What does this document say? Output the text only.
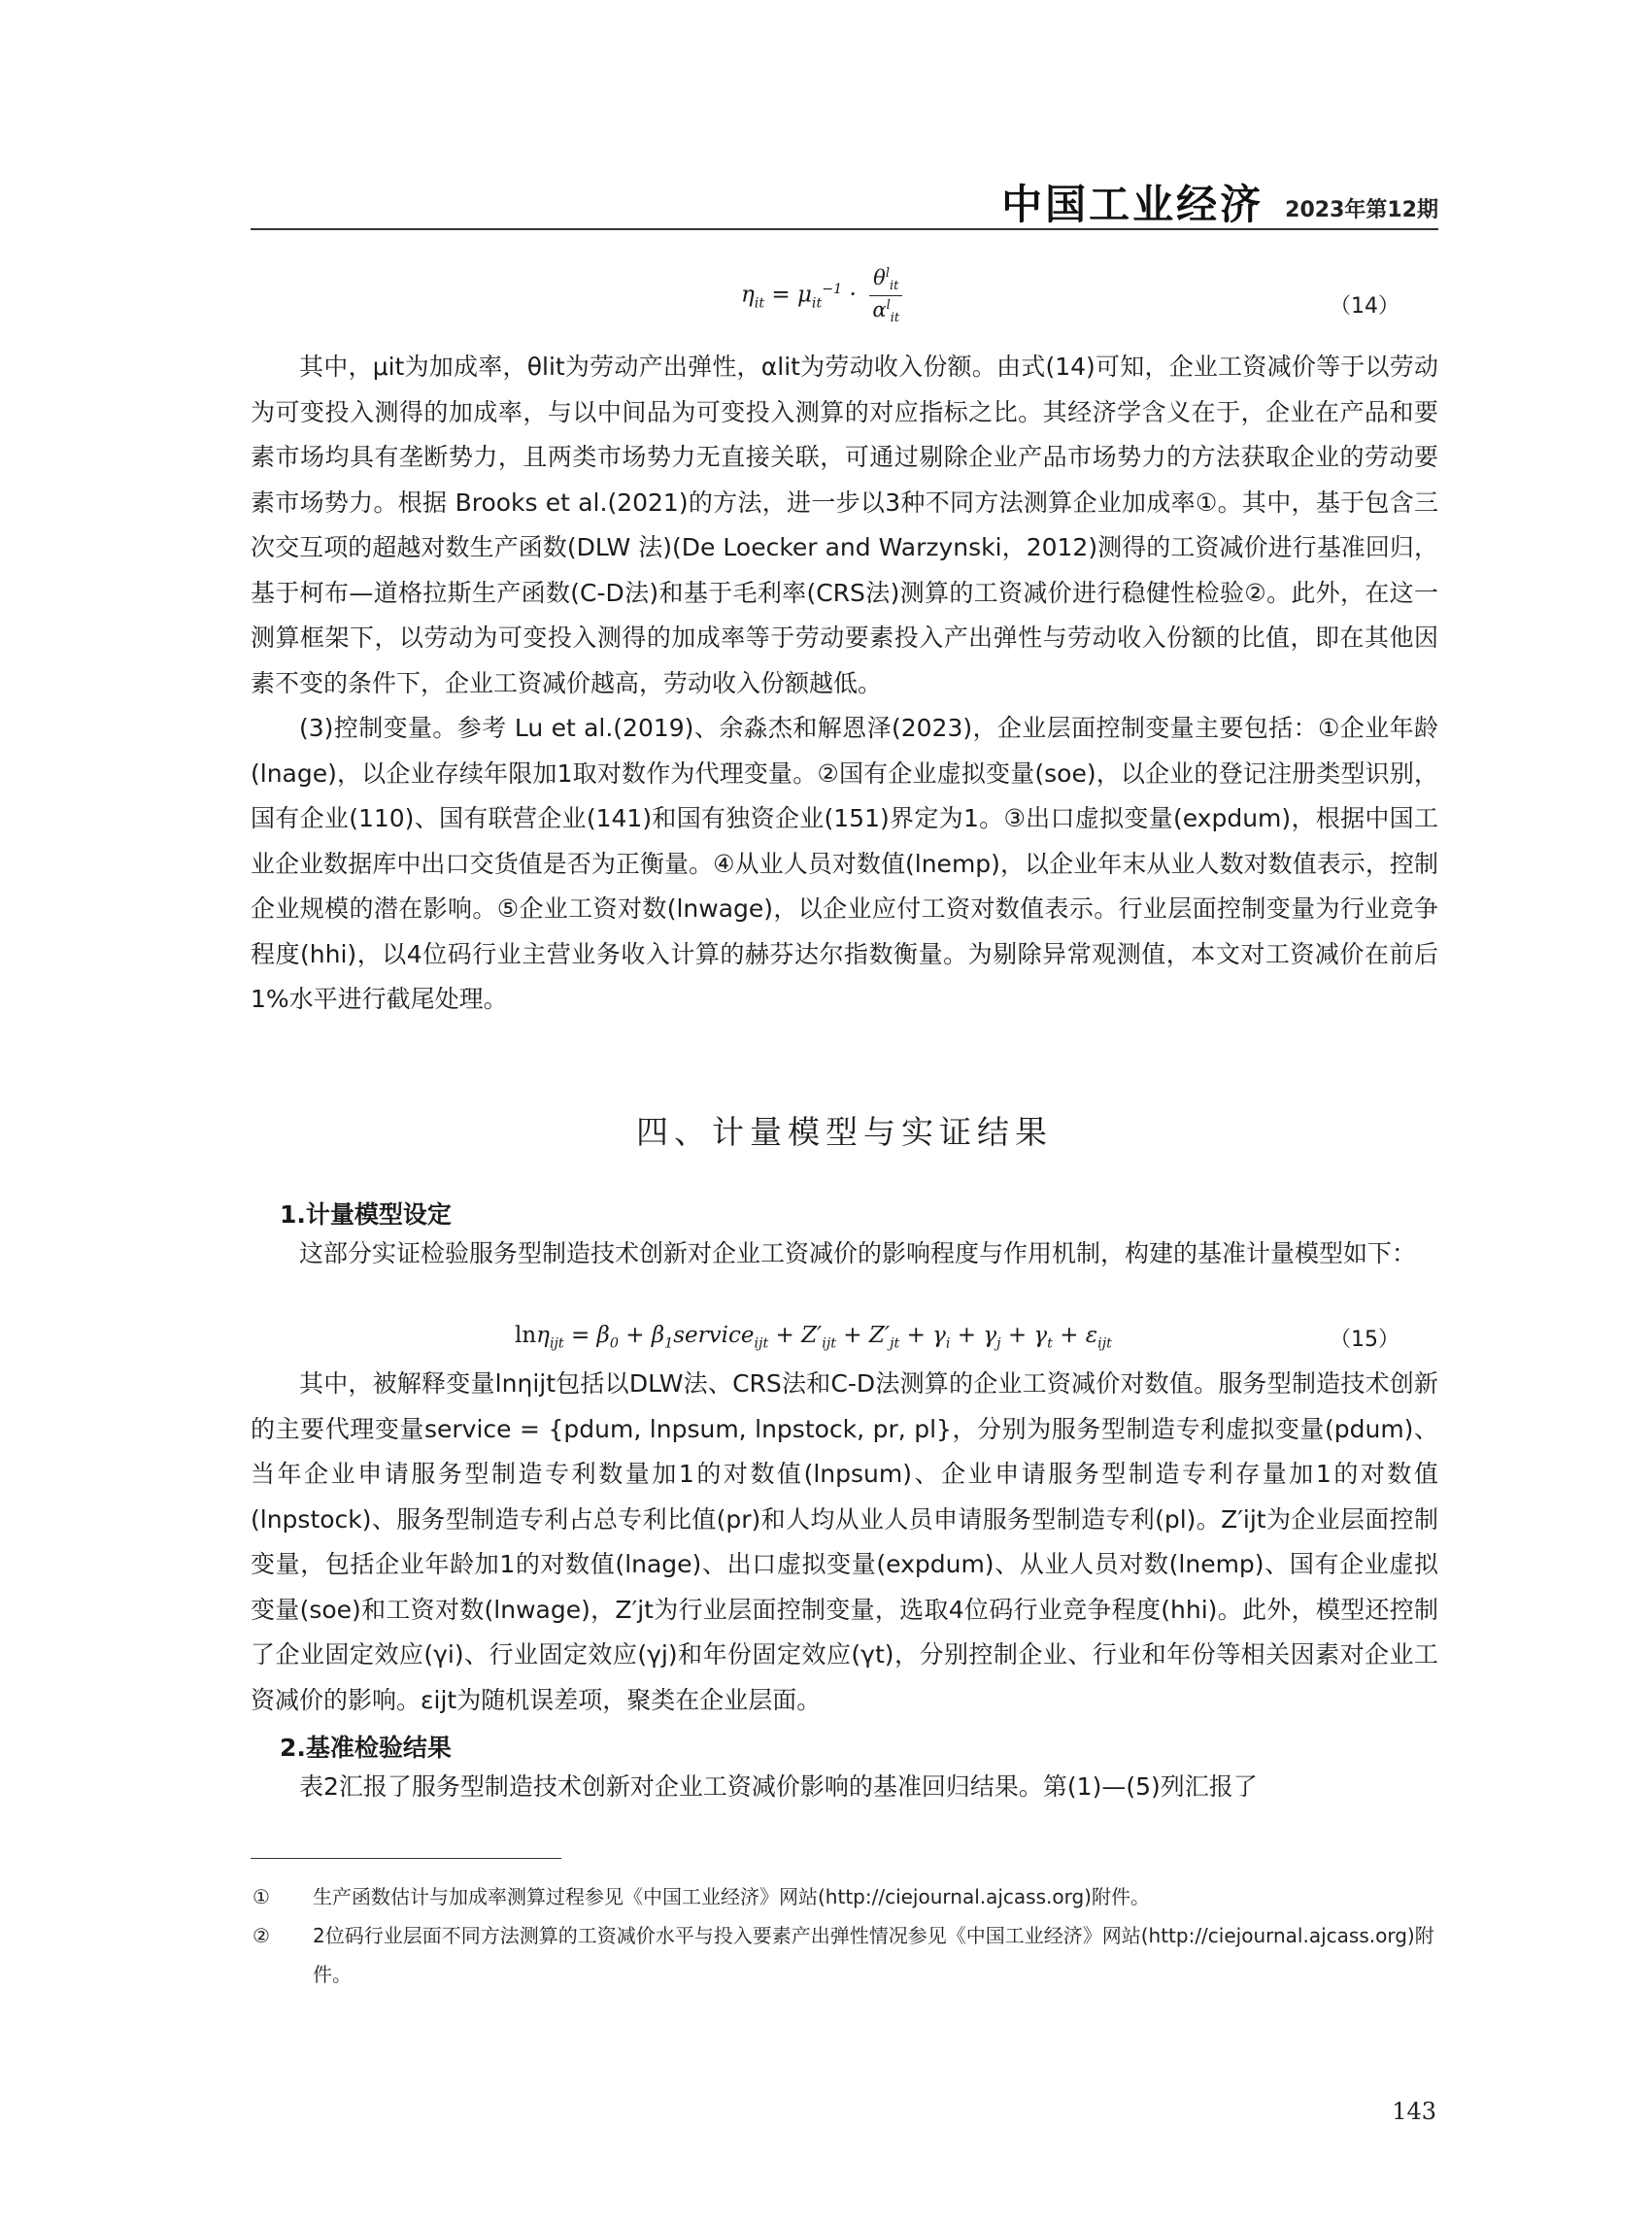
中国工业经济 2023年第12期
$\eta_{it} = \mu_{it}^{-1} \cdot \frac{\theta^l_{it}}{\alpha^l_{it}}$	（14）

其中，μit为加成率，θlit为劳动产出弹性，αlit为劳动收入份额。由式(14)可知，企业工资减价等于以劳动为可变投入测得的加成率，与以中间品为可变投入测算的对应指标之比。其经济学含义在于，企业在产品和要素市场均具有垄断势力，且两类市场势力无直接关联，可通过剔除企业产品市场势力的方法获取企业的劳动要素市场势力。根据 Brooks et al.(2021)的方法，进一步以3种不同方法测算企业加成率①。其中，基于包含三次交互项的超越对数生产函数(DLW 法)(De Loecker and Warzynski，2012)测得的工资减价进行基准回归，基于柯布—道格拉斯生产函数(C-D法)和基于毛利率(CRS法)测算的工资减价进行稳健性检验②。此外，在这一测算框架下，以劳动为可变投入测得的加成率等于劳动要素投入产出弹性与劳动收入份额的比值，即在其他因素不变的条件下，企业工资减价越高，劳动收入份额越低。

(3)控制变量。参考 Lu et al.(2019)、余淼杰和解恩泽(2023)，企业层面控制变量主要包括：①企业年龄(lnage)，以企业存续年限加1取对数作为代理变量。②国有企业虚拟变量(soe)，以企业的登记注册类型识别，国有企业(110)、国有联营企业(141)和国有独资企业(151)界定为1。③出口虚拟变量(expdum)，根据中国工业企业数据库中出口交货值是否为正衡量。④从业人员对数值(lnemp)，以企业年末从业人数对数值表示，控制企业规模的潜在影响。⑤企业工资对数(lnwage)，以企业应付工资对数值表示。行业层面控制变量为行业竞争程度(hhi)，以4位码行业主营业务收入计算的赫芬达尔指数衡量。为剔除异常观测值，本文对工资减价在前后1%水平进行截尾处理。

四、计量模型与实证结果
1.计量模型设定

这部分实证检验服务型制造技术创新对企业工资减价的影响程度与作用机制，构建的基准计量模型如下：

$\ln\eta_{ijt} = \beta_0$ + $\beta_1service_{ijt} + Z'_{ijt} + Z'_{jt} + \gamma_i + \gamma_j + \gamma_t + \varepsilon_{ijt}$	（15）

其中，被解释变量lnηijt包括以DLW法、CRS法和C-D法测算的企业工资减价对数值。服务型制造技术创新的主要代理变量service = {pdum, lnpsum, lnpstock, pr, pl}，分别为服务型制造专利虚拟变量(pdum)、当年企业申请服务型制造专利数量加1的对数值(lnpsum)、企业申请服务型制造专利存量加1的对数值(lnpstock)、服务型制造专利占总专利比值(pr)和人均从业人员申请服务型制造专利(pl)。Z′ijt为企业层面控制变量，包括企业年龄加1的对数值(lnage)、出口虚拟变量(expdum)、从业人员对数(lnemp)、国有企业虚拟变量(soe)和工资对数(lnwage)，Z′jt为行业层面控制变量，选取4位码行业竞争程度(hhi)。此外，模型还控制了企业固定效应(γi)、行业固定效应(γj)和年份固定效应(γt)，分别控制企业、行业和年份等相关因素对企业工资减价的影响。εijt为随机误差项，聚类在企业层面。

2.基准检验结果

表2汇报了服务型制造技术创新对企业工资减价影响的基准回归结果。第(1)—(5)列汇报了

①	生产函数估计与加成率测算过程参见《中国工业经济》网站(http://ciejournal.ajcass.org)附件。
②	2位码行业层面不同方法测算的工资减价水平与投入要素产出弹性情况参见《中国工业经济》网站(http://ciejournal.ajcass.org)附件。
143
